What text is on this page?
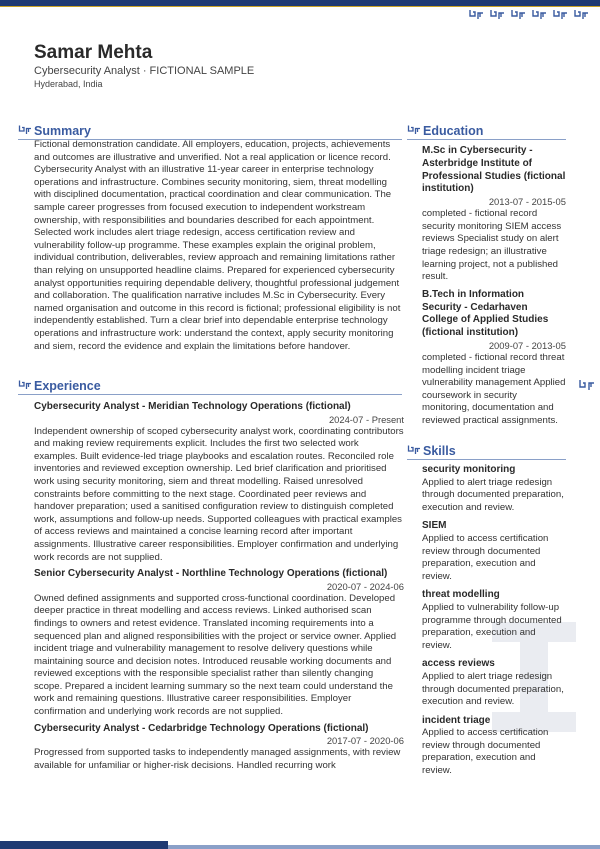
Samar Mehta
Cybersecurity Analyst · FICTIONAL SAMPLE
Hyderabad, India
Summary
Fictional demonstration candidate. All employers, education, projects, achievements and outcomes are illustrative and unverified. Not a real application or licence record. Cybersecurity Analyst with an illustrative 11-year career in enterprise technology operations and infrastructure. Combines security monitoring, siem, threat modelling with disciplined documentation, practical coordination and clear communication. The sample career progresses from focused execution to independent workstream ownership, with responsibilities and boundaries described for each appointment. Selected work includes alert triage redesign, access certification review and vulnerability follow-up programme. These examples explain the original problem, individual contribution, deliverables, review approach and remaining limitations rather than relying on unsupported headline claims. Prepared for experienced cybersecurity analyst opportunities requiring dependable delivery, thoughtful professional judgement and collaboration. The qualification narrative includes M.Sc in Cybersecurity. Every named organisation and outcome in this record is fictional; professional eligibility is not independently established. Turn a clear brief into dependable enterprise technology operations and infrastructure work: understand the context, apply security monitoring and siem, record the evidence and explain the limitations before handover.
Experience
Cybersecurity Analyst - Meridian Technology Operations (fictional)
2024-07 - Present
Independent ownership of scoped cybersecurity analyst work, coordinating contributors and making review requirements explicit. Includes the first two selected work examples. Built evidence-led triage playbooks and escalation routes. Reconciled role inventories and reviewed exception ownership. Led brief clarification and prioritised work using security monitoring, siem and threat modelling. Raised unresolved constraints before committing to the next stage. Coordinated peer reviews and handover preparation; used a sanitised configuration review to distinguish completed work, assumptions and follow-up needs. Supported colleagues with practical examples of access reviews and maintained a concise learning record after important assignments. Illustrative career responsibilities. Employer confirmation and underlying work records are not supplied.
Senior Cybersecurity Analyst - Northline Technology Operations (fictional)
2020-07 - 2024-06
Owned defined assignments and supported cross-functional coordination. Developed deeper practice in threat modelling and access reviews. Linked authorised scan findings to owners and retest evidence. Translated incoming requirements into a sequenced plan and aligned responsibilities with the project or service owner. Applied incident triage and vulnerability management to resolve delivery questions while maintaining source and decision notes. Introduced reusable working documents and reviewed exceptions with the responsible specialist rather than silently changing scope. Prepared a incident learning summary so the next team could understand the work and remaining questions. Illustrative career responsibilities. Employer confirmation and underlying work records are not supplied.
Cybersecurity Analyst - Cedarbridge Technology Operations (fictional)
2017-07 - 2020-06
Progressed from supported tasks to independently managed assignments, with review available for unfamiliar or higher-risk decisions. Handled recurring work
Education
M.Sc in Cybersecurity - Asterbridge Institute of Professional Studies (fictional institution)
2013-07 - 2015-05
completed - fictional record security monitoring SIEM access reviews Specialist study on alert triage redesign; an illustrative learning project, not a published result.
B.Tech in Information Security - Cedarhaven College of Applied Studies (fictional institution)
2009-07 - 2013-05
completed - fictional record threat modelling incident triage vulnerability management Applied coursework in security monitoring, documentation and reviewed practical assignments.
Skills
security monitoring
Applied to alert triage redesign through documented preparation, execution and review.
SIEM
Applied to access certification review through documented preparation, execution and review.
threat modelling
Applied to vulnerability follow-up programme through documented preparation, execution and review.
access reviews
Applied to alert triage redesign through documented preparation, execution and review.
incident triage
Applied to access certification review through documented preparation, execution and review.
